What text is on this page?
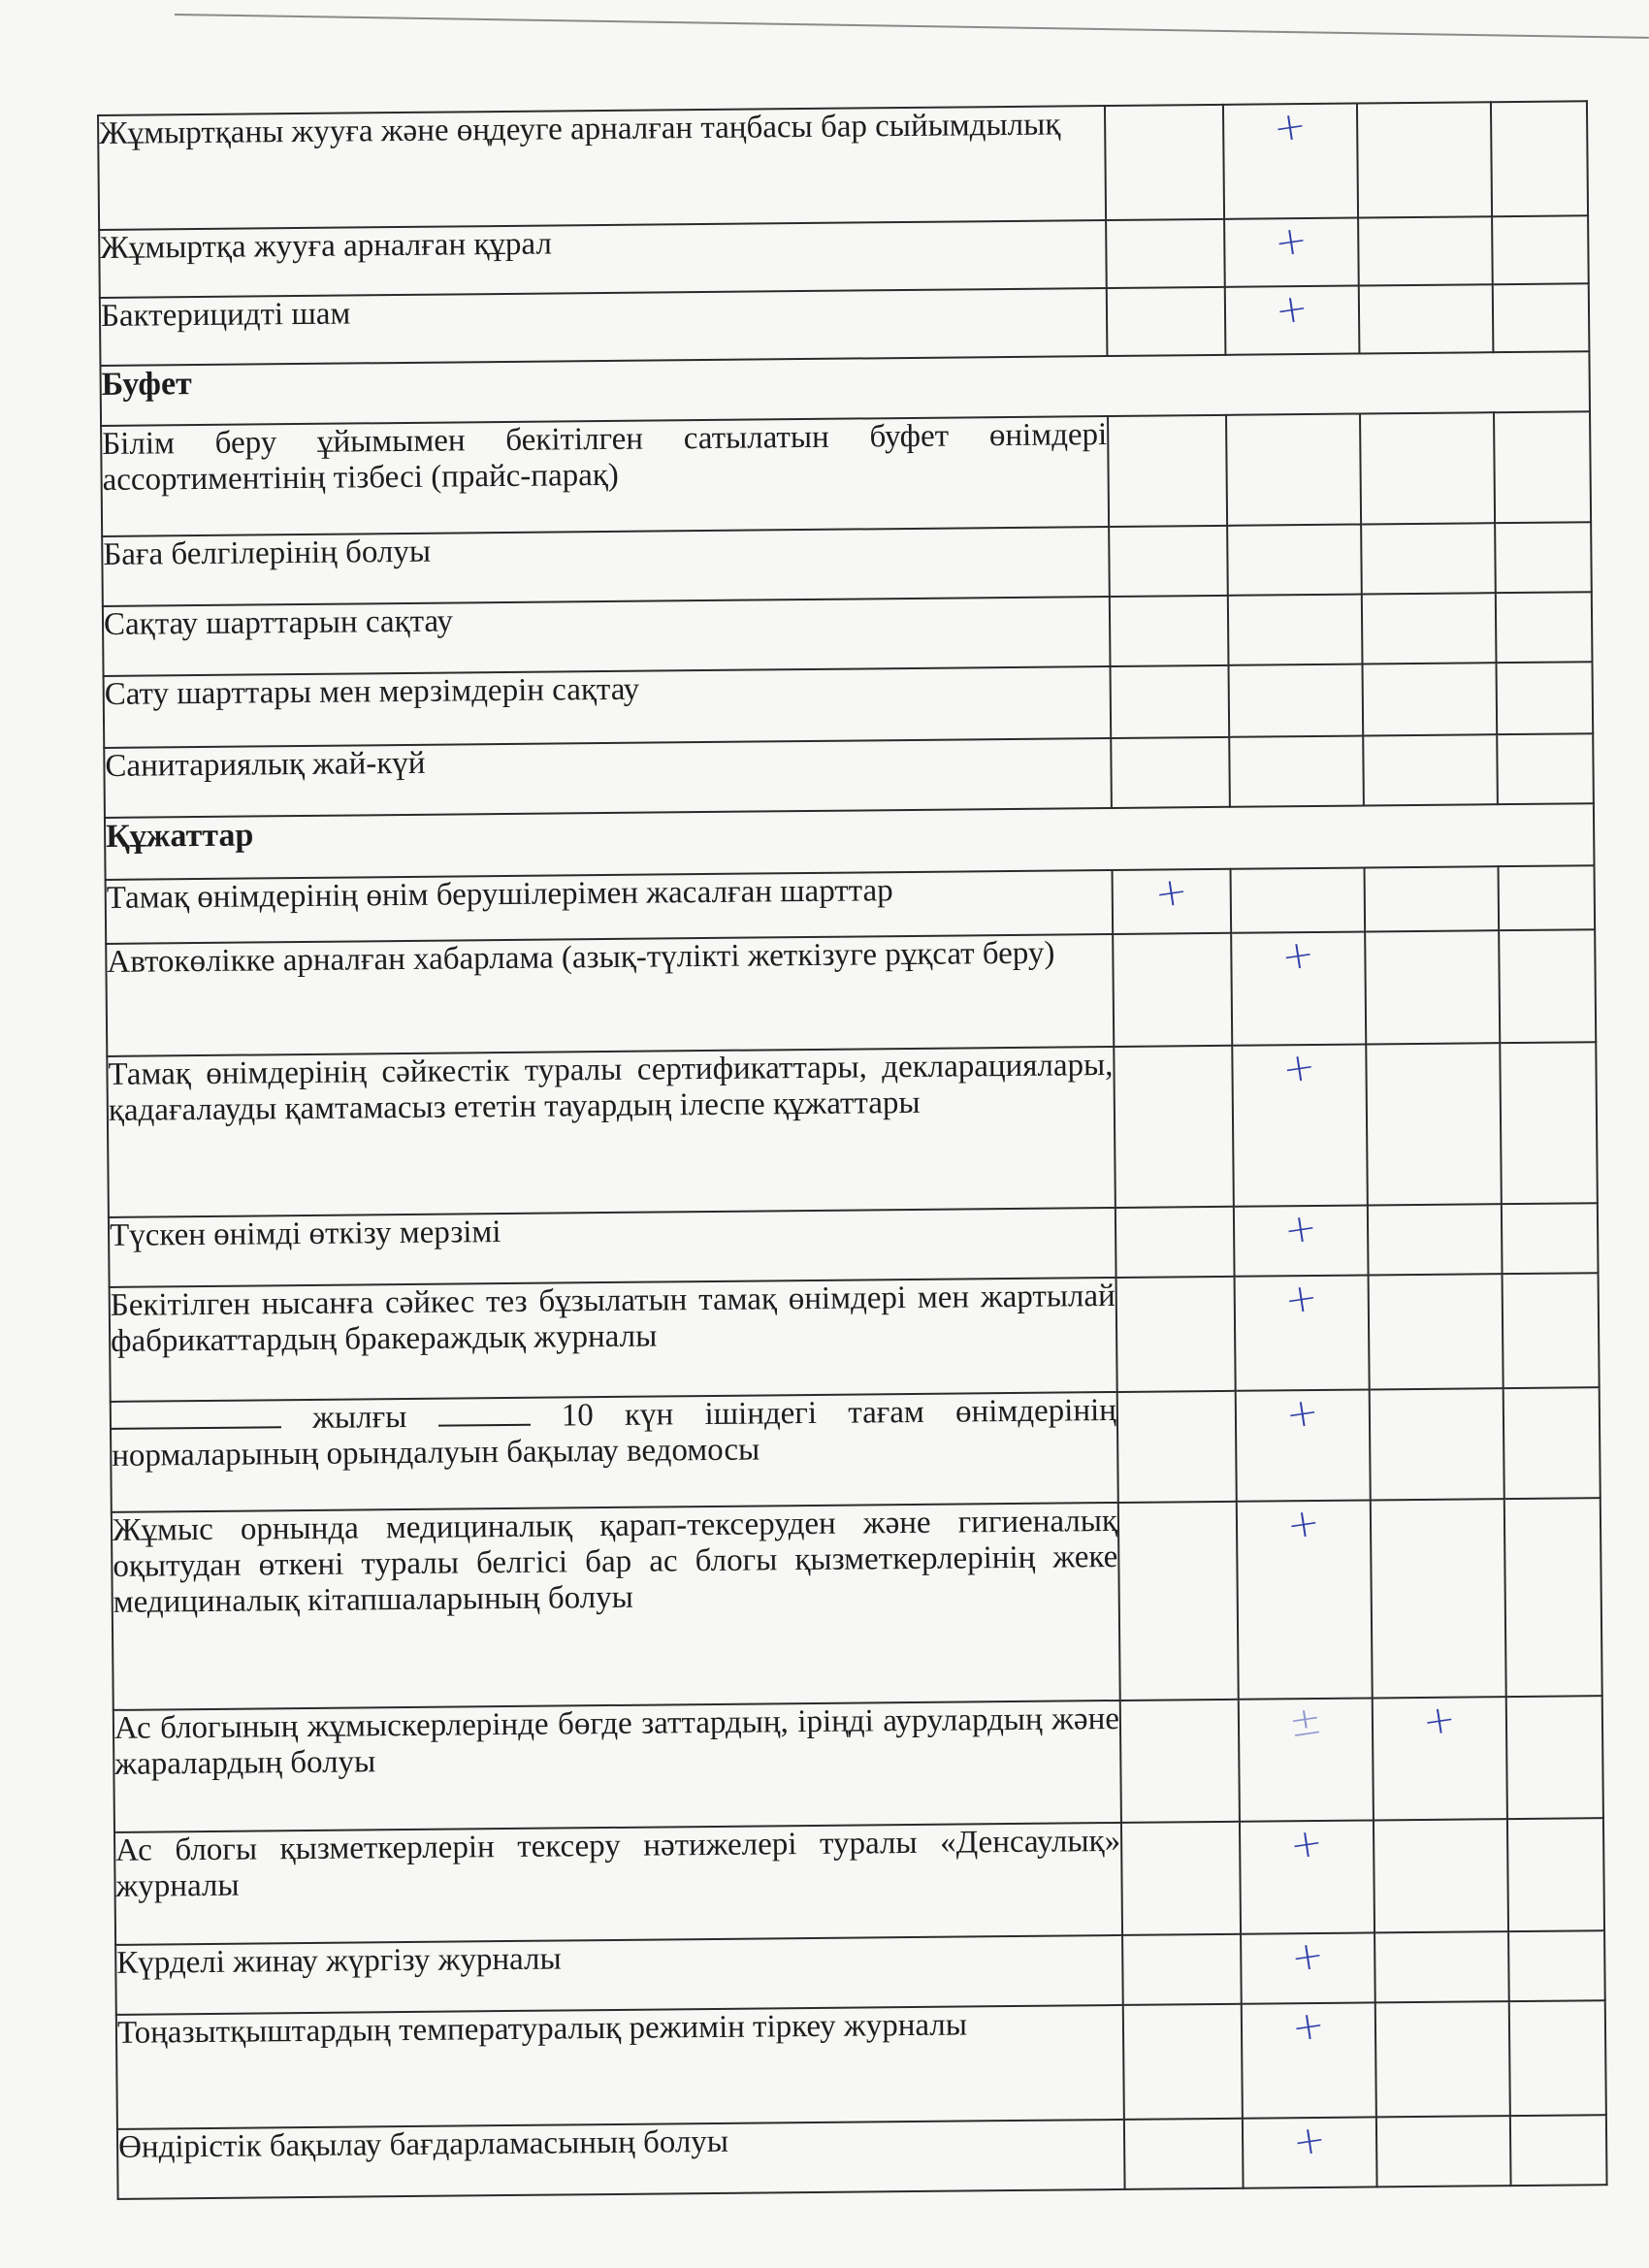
Жұмыртқаны жууға және өңдеуге арналған таңбасы бар сыйымдылық		+		
Жұмыртқа жууға арналған құрал		+		
Бактерицидті шам		+		
Буфет				
Білім беру ұйымымен бекітілген сатылатын буфет өнімдері ассортиментінің тізбесі (прайс-парақ)				
Баға белгілерінің болуы				
Сақтау шарттарын сақтау				
Сату шарттары мен мерзімдерін сақтау				
Санитариялық жай-күй				
Құжаттар				
Тамақ өнімдерінің өнім берушілерімен жасалған шарттар	+			
Автокөлікке арналған хабарлама (азық-түлікті жеткізуге рұқсат беру)		+		
Тамақ өнімдерінің сәйкестік туралы сертификаттары, декларациялары, қадағалауды қамтамасыз ететін тауардың ілеспе құжаттары		+		
Түскен өнімді өткізу мерзімі		+		
Бекітілген нысанға сәйкес тез бұзылатын тамақ өнімдері мен жартылай фабрикаттардың бракераждық журналы		+		
жылғы 10 күн ішіндегі тағам өнімдерінің нормаларының орындалуын бақылау ведомосы		+		
Жұмыс орнында медициналық қарап-тексеруден және гигиеналық оқытудан өткені туралы белгісі бар ас блогы қызметкерлерінің жеке медициналық кітапшаларының болуы		+		
Ас блогының жұмыскерлерінде бөгде заттардың, іріңді аурулардың және жаралардың болуы		±	+	
Ас блогы қызметкерлерін тексеру нәтижелері туралы «Денсаулық» журналы		+		
Күрделі жинау жүргізу журналы		+		
Тоңазытқыштардың температуралық режимін тіркеу журналы		+		
Өндірістік бақылау бағдарламасының болуы		+		
